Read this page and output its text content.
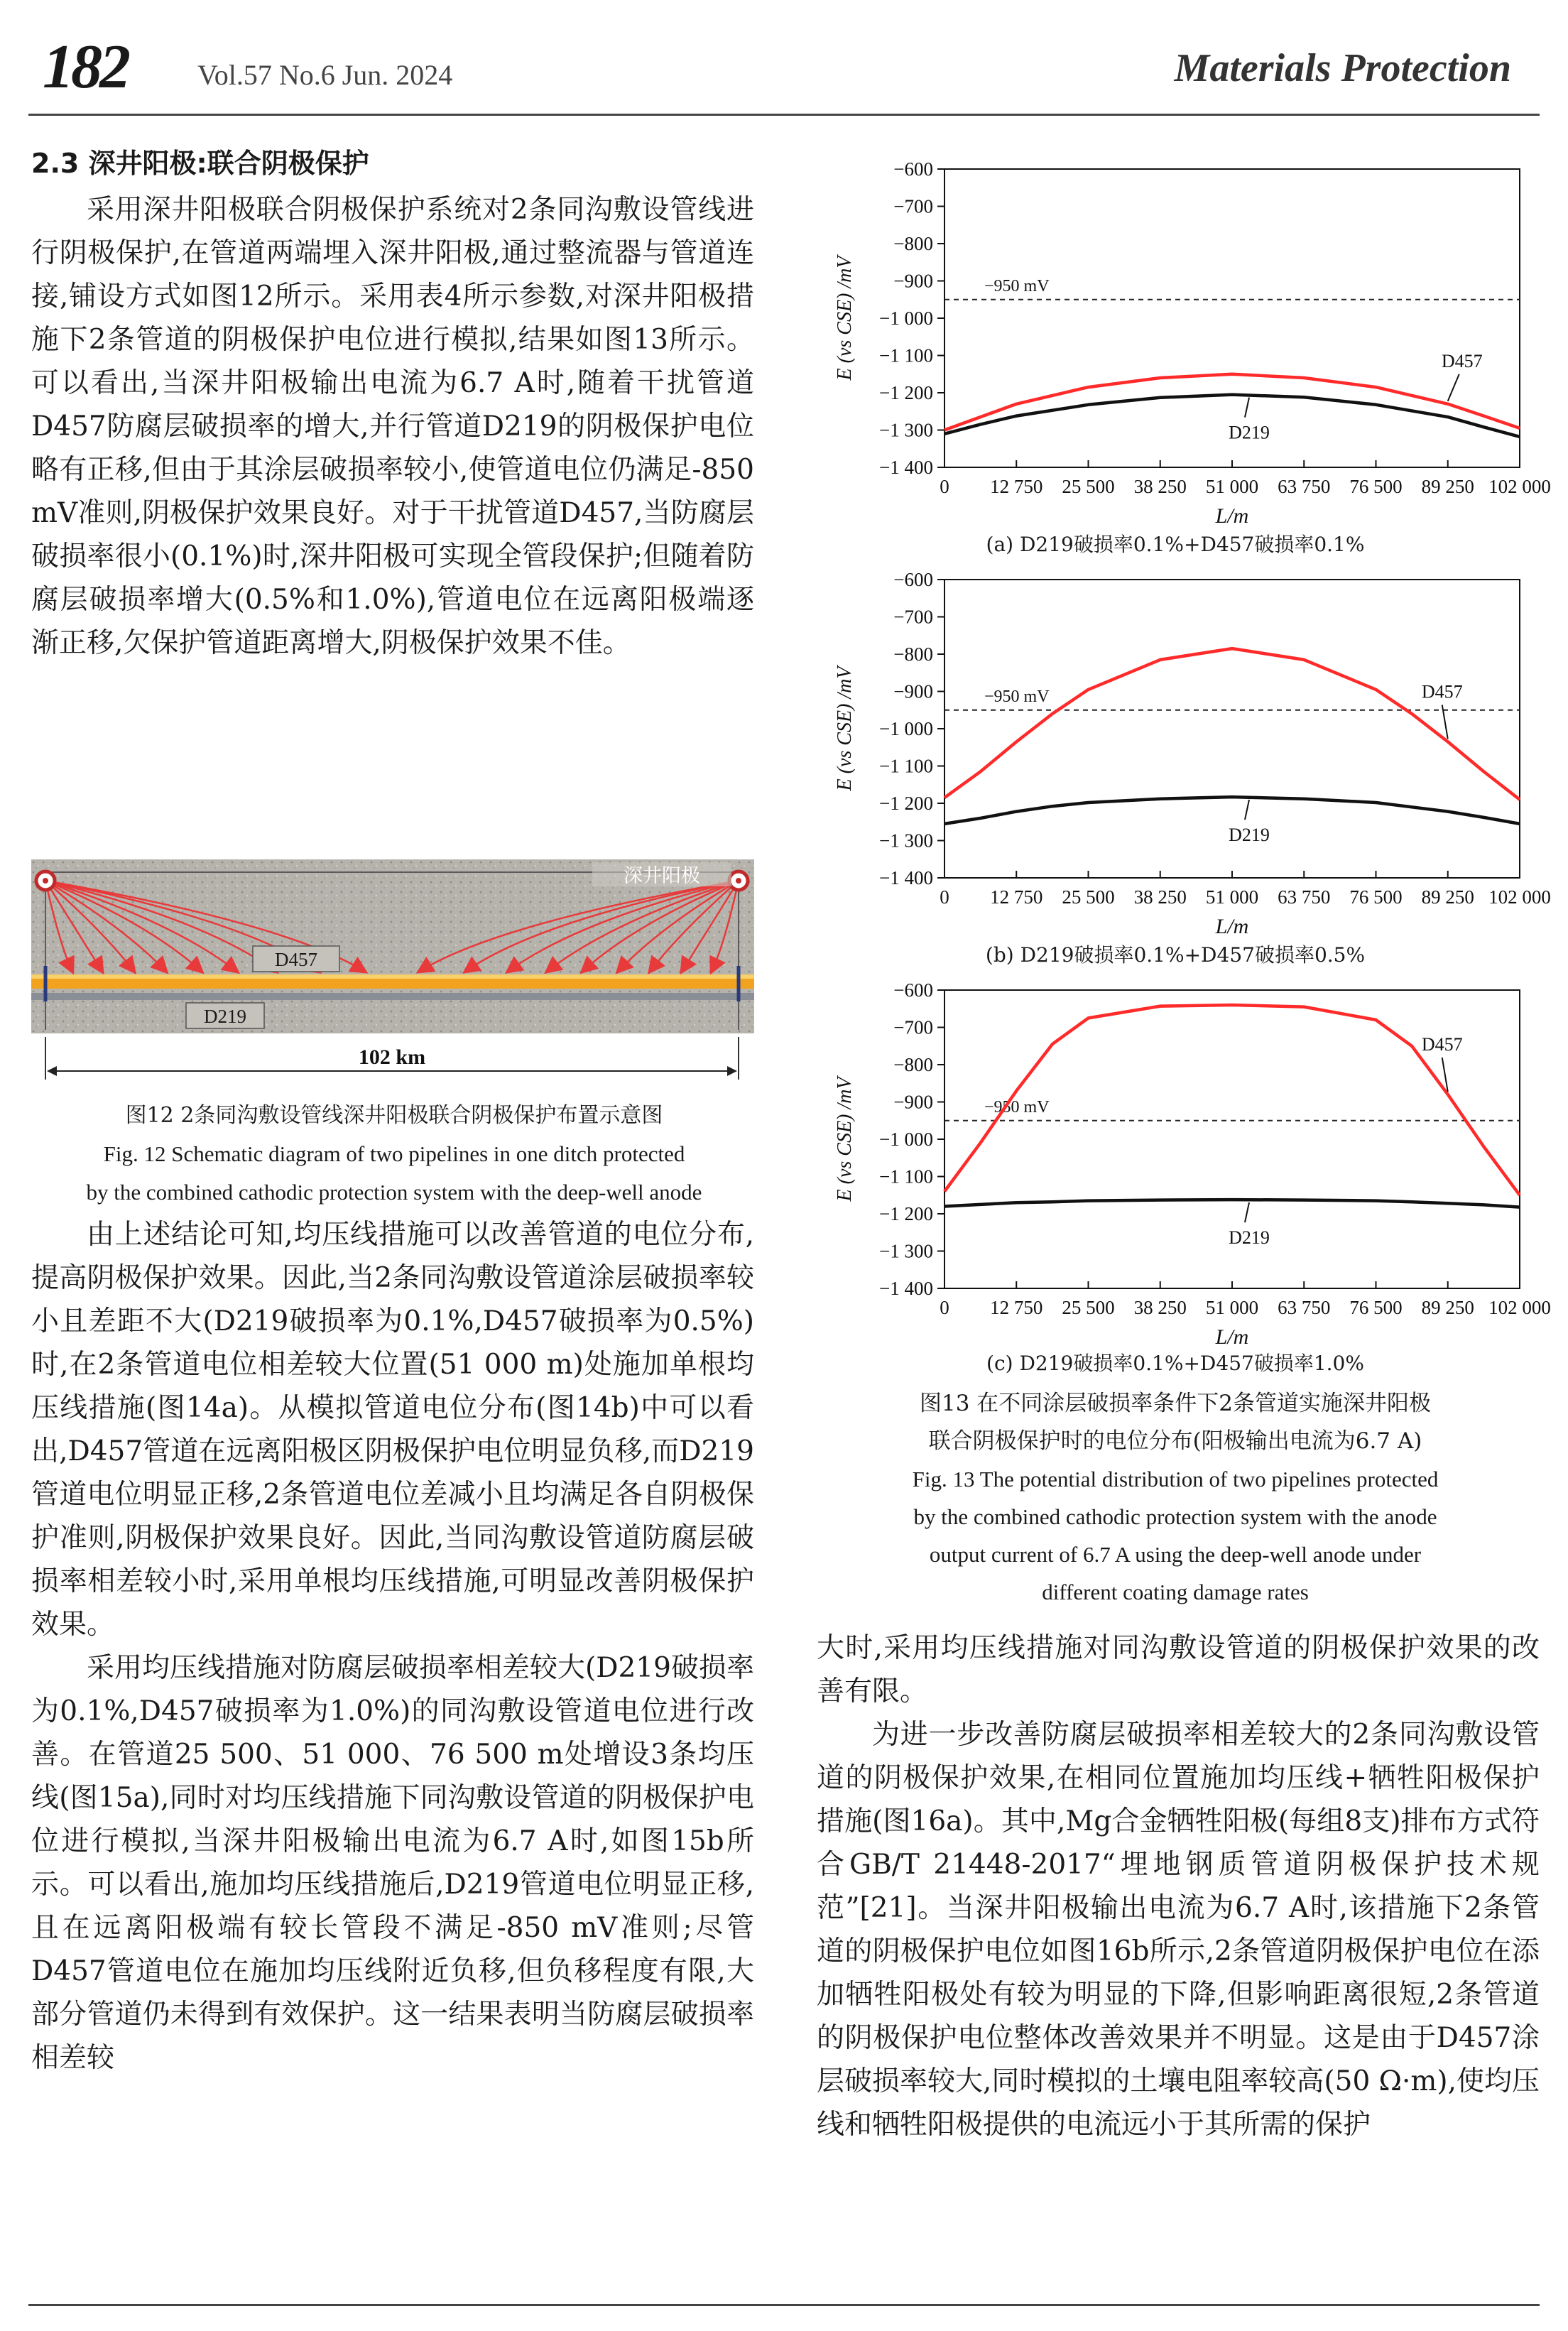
182 Vol.57 No.6 Jun. 2024	Materials Protection
2.3 深井阳极:联合阴极保护

采用深井阳极联合阴极保护系统对2条同沟敷设管线进行阴极保护,在管道两端埋入深井阳极,通过整流器与管道连接,铺设方式如图12所示。采用表4所示参数,对深井阳极措施下2条管道的阴极保护电位进行模拟,结果如图13所示。可以看出,当深井阳极输出电流为6.7 A时,随着干扰管道D457防腐层破损率的增大,并行管道D219的阴极保护电位略有正移,但由于其涂层破损率较小,使管道电位仍满足-850 mV准则,阴极保护效果良好。对于干扰管道D457,当防腐层破损率很小(0.1%)时,深井阳极可实现全管段保护;但随着防腐层破损率增大(0.5%和1.0%),管道电位在远离阳极端逐渐正移,欠保护管道距离增大,阴极保护效果不佳。

深井阳极
D457
D219
102 km
图12 2条同沟敷设管线深井阳极联合阴极保护布置示意图
Fig. 12 Schematic diagram of two pipelines in one ditch protected
by the combined cathodic protection system with the deep-well anode

由上述结论可知,均压线措施可以改善管道的电位分布,提高阴极保护效果。因此,当2条同沟敷设管道涂层破损率较小且差距不大(D219破损率为0.1%,D457破损率为0.5%)时,在2条管道电位相差较大位置(51 000 m)处施加单根均压线措施(图14a)。从模拟管道电位分布(图14b)中可以看出,D457管道在远离阳极区阴极保护电位明显负移,而D219管道电位明显正移,2条管道电位差减小且均满足各自阴极保护准则,阴极保护效果良好。因此,当同沟敷设管道防腐层破损率相差较小时,采用单根均压线措施,可明显改善阴极保护效果。

采用均压线措施对防腐层破损率相差较大(D219破损率为0.1%,D457破损率为1.0%)的同沟敷设管道电位进行改善。在管道25 500、51 000、76 500 m处增设3条均压线(图15a),同时对均压线措施下同沟敷设管道的阴极保护电位进行模拟,当深井阳极输出电流为6.7 A时,如图15b所示。可以看出,施加均压线措施后,D219管道电位明显正移,且在远离阳极端有较长管段不满足-850 mV准则;尽管D457管道电位在施加均压线附近负移,但负移程度有限,大部分管道仍未得到有效保护。这一结果表明当防腐层破损率相差较

−600
−700
−800
−900
−1 000
−1 100
−1 200
−1 300
−1 400
0 12 750 25 500 38 250 51 000 63 750 76 500 89 250 102 000
−950 mV
D457
D219
E (vs CSE) /mV
L/m
(a) D219破损率0.1%+D457破损率0.1%
−600
−700
−800
−900
−1 000
−1 100
−1 200
−1 300
−1 400
0 12 750 25 500 38 250 51 000 63 750 76 500 89 250 102 000
−950 mV	D457
D219
E (vs CSE) /mV
L/m
(b) D219破损率0.1%+D457破损率0.5%
−600
−700
−800
−900
−1 000
−1 100
−1 200
−1 300
−1 400
0 12 750 25 500 38 250 51 000 63 750 76 500 89 250 102 000
−950 mV
D457
D219
E (vs CSE) /mV
L/m
(c) D219破损率0.1%+D457破损率1.0%
图13 在不同涂层破损率条件下2条管道实施深井阳极
联合阴极保护时的电位分布(阳极输出电流为6.7 A)
Fig. 13 The potential distribution of two pipelines protected
by the combined cathodic protection system with the anode
output current of 6.7 A using the deep-well anode under
different coating damage rates

大时,采用均压线措施对同沟敷设管道的阴极保护效果的改善有限。

为进一步改善防腐层破损率相差较大的2条同沟敷设管道的阴极保护效果,在相同位置施加均压线+牺牲阳极保护措施(图16a)。其中,Mg合金牺牲阳极(每组8支)排布方式符合GB/T 21448-2017“埋地钢质管道阴极保护技术规范”[21]。当深井阳极输出电流为6.7 A时,该措施下2条管道的阴极保护电位如图16b所示,2条管道阴极保护电位在添加牺牲阳极处有较为明显的下降,但影响距离很短,2条管道的阴极保护电位整体改善效果并不明显。这是由于D457涂层破损率较大,同时模拟的土壤电阻率较高(50 Ω·m),使均压线和牺牲阳极提供的电流远小于其所需的保护
